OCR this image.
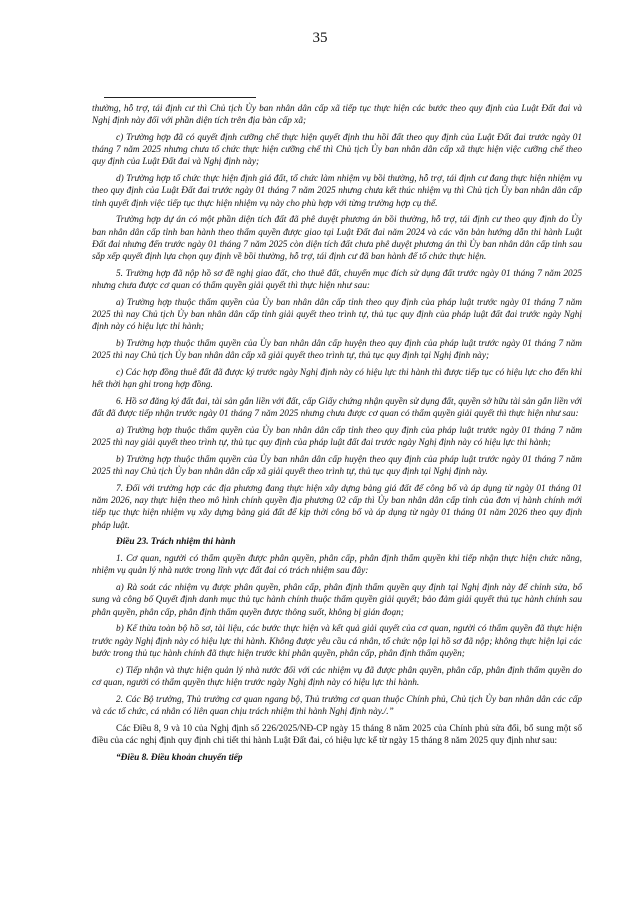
35

thường, hỗ trợ, tái định cư thì Chủ tịch Ủy ban nhân dân cấp xã tiếp tục thực hiện các bước theo quy định của Luật Đất đai và Nghị định này đối với phần diện tích trên địa bàn cấp xã;

c) Trường hợp đã có quyết định cưỡng chế thực hiện quyết định thu hồi đất theo quy định của Luật Đất đai trước ngày 01 tháng 7 năm 2025 nhưng chưa tổ chức thực hiện cưỡng chế thì Chủ tịch Ủy ban nhân dân cấp xã thực hiện việc cưỡng chế theo quy định của Luật Đất đai và Nghị định này;

d) Trường hợp tổ chức thực hiện định giá đất, tổ chức làm nhiệm vụ bồi thường, hỗ trợ, tái định cư đang thực hiện nhiệm vụ theo quy định của Luật Đất đai trước ngày 01 tháng 7 năm 2025 nhưng chưa kết thúc nhiệm vụ thì Chủ tịch Ủy ban nhân dân cấp tỉnh quyết định việc tiếp tục thực hiện nhiệm vụ này cho phù hợp với từng trường hợp cụ thể.

Trường hợp dự án có một phần diện tích đất đã phê duyệt phương án bồi thường, hỗ trợ, tái định cư theo quy định do Ủy ban nhân dân cấp tỉnh ban hành theo thẩm quyền được giao tại Luật Đất đai năm 2024 và các văn bản hướng dẫn thi hành Luật Đất đai nhưng đến trước ngày 01 tháng 7 năm 2025 còn diện tích đất chưa phê duyệt phương án thì Ủy ban nhân dân cấp tỉnh sau sắp xếp quyết định lựa chọn quy định về bồi thường, hỗ trợ, tái định cư đã ban hành để tổ chức thực hiện.

5. Trường hợp đã nộp hồ sơ đề nghị giao đất, cho thuê đất, chuyển mục đích sử dụng đất trước ngày 01 tháng 7 năm 2025 nhưng chưa được cơ quan có thẩm quyền giải quyết thì thực hiện như sau:

a) Trường hợp thuộc thẩm quyền của Ủy ban nhân dân cấp tỉnh theo quy định của pháp luật trước ngày 01 tháng 7 năm 2025 thì nay Chủ tịch Ủy ban nhân dân cấp tỉnh giải quyết theo trình tự, thủ tục quy định của pháp luật đất đai trước ngày Nghị định này có hiệu lực thi hành;

b) Trường hợp thuộc thẩm quyền của Ủy ban nhân dân cấp huyện theo quy định của pháp luật trước ngày 01 tháng 7 năm 2025 thì nay Chủ tịch Ủy ban nhân dân cấp xã giải quyết theo trình tự, thủ tục quy định tại Nghị định này;

c) Các hợp đồng thuê đất đã được ký trước ngày Nghị định này có hiệu lực thi hành thì được tiếp tục có hiệu lực cho đến khi hết thời hạn ghi trong hợp đồng.

6. Hồ sơ đăng ký đất đai, tài sản gắn liền với đất, cấp Giấy chứng nhận quyền sử dụng đất, quyền sở hữu tài sản gắn liền với đất đã được tiếp nhận trước ngày 01 tháng 7 năm 2025 nhưng chưa được cơ quan có thẩm quyền giải quyết thì thực hiện như sau:

a) Trường hợp thuộc thẩm quyền của Ủy ban nhân dân cấp tỉnh theo quy định của pháp luật trước ngày 01 tháng 7 năm 2025 thì nay giải quyết theo trình tự, thủ tục quy định của pháp luật đất đai trước ngày Nghị định này có hiệu lực thi hành;

b) Trường hợp thuộc thẩm quyền của Ủy ban nhân dân cấp huyện theo quy định của pháp luật trước ngày 01 tháng 7 năm 2025 thì nay Chủ tịch Ủy ban nhân dân cấp xã giải quyết theo trình tự, thủ tục quy định tại Nghị định này.

7. Đối với trường hợp các địa phương đang thực hiện xây dựng bảng giá đất để công bố và áp dụng từ ngày 01 tháng 01 năm 2026, nay thực hiện theo mô hình chính quyền địa phương 02 cấp thì Ủy ban nhân dân cấp tỉnh của đơn vị hành chính mới tiếp tục thực hiện nhiệm vụ xây dựng bảng giá đất để kịp thời công bố và áp dụng từ ngày 01 tháng 01 năm 2026 theo quy định pháp luật.

Điều 23. Trách nhiệm thi hành

1. Cơ quan, người có thẩm quyền được phân quyền, phân cấp, phân định thẩm quyền khi tiếp nhận thực hiện chức năng, nhiệm vụ quản lý nhà nước trong lĩnh vực đất đai có trách nhiệm sau đây:

a) Rà soát các nhiệm vụ được phân quyền, phân cấp, phân định thẩm quyền quy định tại Nghị định này để chỉnh sửa, bổ sung và công bố Quyết định danh mục thủ tục hành chính thuộc thẩm quyền giải quyết; bảo đảm giải quyết thủ tục hành chính sau phân quyền, phân cấp, phân định thẩm quyền được thông suốt, không bị gián đoạn;

b) Kế thừa toàn bộ hồ sơ, tài liệu, các bước thực hiện và kết quả giải quyết của cơ quan, người có thẩm quyền đã thực hiện trước ngày Nghị định này có hiệu lực thi hành. Không được yêu cầu cá nhân, tổ chức nộp lại hồ sơ đã nộp; không thực hiện lại các bước trong thủ tục hành chính đã thực hiện trước khi phân quyền, phân cấp, phân định thẩm quyền;

c) Tiếp nhận và thực hiện quản lý nhà nước đối với các nhiệm vụ đã được phân quyền, phân cấp, phân định thẩm quyền do cơ quan, người có thẩm quyền thực hiện trước ngày Nghị định này có hiệu lực thi hành.

2. Các Bộ trưởng, Thủ trưởng cơ quan ngang bộ, Thủ trưởng cơ quan thuộc Chính phủ, Chủ tịch Ủy ban nhân dân các cấp và các tổ chức, cá nhân có liên quan chịu trách nhiệm thi hành Nghị định này./.”

Các Điều 8, 9 và 10 của Nghị định số 226/2025/NĐ-CP ngày 15 tháng 8 năm 2025 của Chính phủ sửa đổi, bổ sung một số điều của các nghị định quy định chi tiết thi hành Luật Đất đai, có hiệu lực kể từ ngày 15 tháng 8 năm 2025 quy định như sau:

“Điều 8. Điều khoản chuyển tiếp
